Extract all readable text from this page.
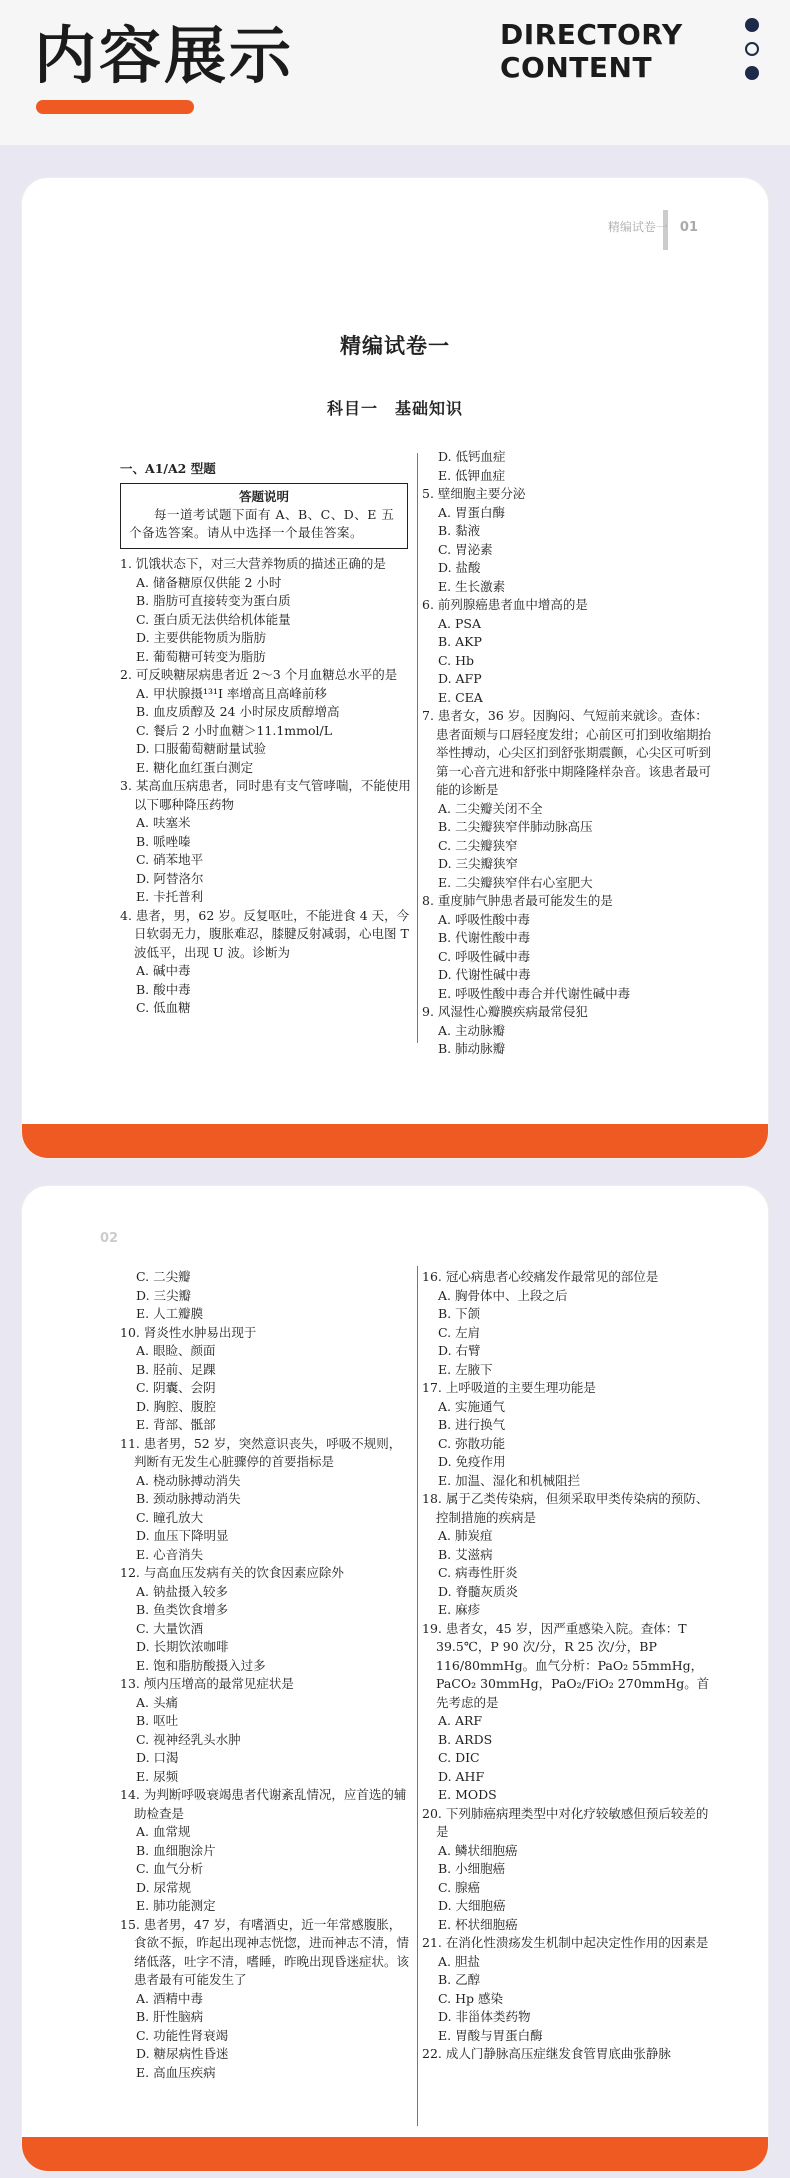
内容展示	DIRECTORY
CONTENT
精编试卷一 01
精编试卷一
科目一　基础知识
一、A1/A2 型题
答题说明
每一道考试题下面有 A、B、C、D、E 五个备选答案。请从中选择一个最佳答案。
1. 饥饿状态下，对三大营养物质的描述正确的是
A. 储备糖原仅供能 2 小时
B. 脂肪可直接转变为蛋白质
C. 蛋白质无法供给机体能量
D. 主要供能物质为脂肪
E. 葡萄糖可转变为脂肪
2. 可反映糖尿病患者近 2～3 个月血糖总水平的是
A. 甲状腺摄¹³¹I 率增高且高峰前移
B. 血皮质醇及 24 小时尿皮质醇增高
C. 餐后 2 小时血糖＞11.1mmol/L
D. 口服葡萄糖耐量试验
E. 糖化血红蛋白测定
3. 某高血压病患者，同时患有支气管哮喘，不能使用以下哪种降压药物
A. 呋塞米
B. 哌唑嗪
C. 硝苯地平
D. 阿替洛尔
E. 卡托普利
4. 患者，男，62 岁。反复呕吐，不能进食 4 天，今日软弱无力，腹胀难忍，膝腱反射减弱，心电图 T 波低平，出现 U 波。诊断为
A. 碱中毒
B. 酸中毒
C. 低血糖
D. 低钙血症
E. 低钾血症
5. 壁细胞主要分泌
A. 胃蛋白酶
B. 黏液
C. 胃泌素
D. 盐酸
E. 生长激素
6. 前列腺癌患者血中增高的是
A. PSA
B. AKP
C. Hb
D. AFP
E. CEA
7. 患者女，36 岁。因胸闷、气短前来就诊。查体：患者面颊与口唇轻度发绀；心前区可扪到收缩期抬举性搏动，心尖区扪到舒张期震颤，心尖区可听到第一心音亢进和舒张中期隆隆样杂音。该患者最可能的诊断是
A. 二尖瓣关闭不全
B. 二尖瓣狭窄伴肺动脉高压
C. 二尖瓣狭窄
D. 三尖瓣狭窄
E. 二尖瓣狭窄伴右心室肥大
8. 重度肺气肿患者最可能发生的是
A. 呼吸性酸中毒
B. 代谢性酸中毒
C. 呼吸性碱中毒
D. 代谢性碱中毒
E. 呼吸性酸中毒合并代谢性碱中毒
9. 风湿性心瓣膜疾病最常侵犯
A. 主动脉瓣
B. 肺动脉瓣
02
C. 二尖瓣
D. 三尖瓣
E. 人工瓣膜
10. 肾炎性水肿易出现于
A. 眼睑、颜面
B. 胫前、足踝
C. 阴囊、会阴
D. 胸腔、腹腔
E. 背部、骶部
11. 患者男，52 岁，突然意识丧失，呼吸不规则，判断有无发生心脏骤停的首要指标是
A. 桡动脉搏动消失
B. 颈动脉搏动消失
C. 瞳孔放大
D. 血压下降明显
E. 心音消失
12. 与高血压发病有关的饮食因素应除外
A. 钠盐摄入较多
B. 鱼类饮食增多
C. 大量饮酒
D. 长期饮浓咖啡
E. 饱和脂肪酸摄入过多
13. 颅内压增高的最常见症状是
A. 头痛
B. 呕吐
C. 视神经乳头水肿
D. 口渴
E. 尿频
14. 为判断呼吸衰竭患者代谢紊乱情况，应首选的辅助检查是
A. 血常规
B. 血细胞涂片
C. 血气分析
D. 尿常规
E. 肺功能测定
15. 患者男，47 岁，有嗜酒史，近一年常感腹胀，食欲不振，昨起出现神志恍惚，进而神志不清，情绪低落，吐字不清，嗜睡，昨晚出现昏迷症状。该患者最有可能发生了
A. 酒精中毒
B. 肝性脑病
C. 功能性肾衰竭
D. 糖尿病性昏迷
E. 高血压疾病
16. 冠心病患者心绞痛发作最常见的部位是
A. 胸骨体中、上段之后
B. 下颌
C. 左肩
D. 右臂
E. 左腋下
17. 上呼吸道的主要生理功能是
A. 实施通气
B. 进行换气
C. 弥散功能
D. 免疫作用
E. 加温、湿化和机械阻拦
18. 属于乙类传染病，但须采取甲类传染病的预防、控制措施的疾病是
A. 肺炭疽
B. 艾滋病
C. 病毒性肝炎
D. 脊髓灰质炎
E. 麻疹
19. 患者女，45 岁，因严重感染入院。查体：T 39.5℃，P 90 次/分，R 25 次/分，BP 116/80mmHg。血气分析：PaO₂ 55mmHg，PaCO₂ 30mmHg，PaO₂/FiO₂ 270mmHg。首先考虑的是
A. ARF
B. ARDS
C. DIC
D. AHF
E. MODS
20. 下列肺癌病理类型中对化疗较敏感但预后较差的是
A. 鳞状细胞癌
B. 小细胞癌
C. 腺癌
D. 大细胞癌
E. 杯状细胞癌
21. 在消化性溃疡发生机制中起决定性作用的因素是
A. 胆盐
B. 乙醇
C. Hp 感染
D. 非甾体类药物
E. 胃酸与胃蛋白酶
22. 成人门静脉高压症继发食管胃底曲张静脉
